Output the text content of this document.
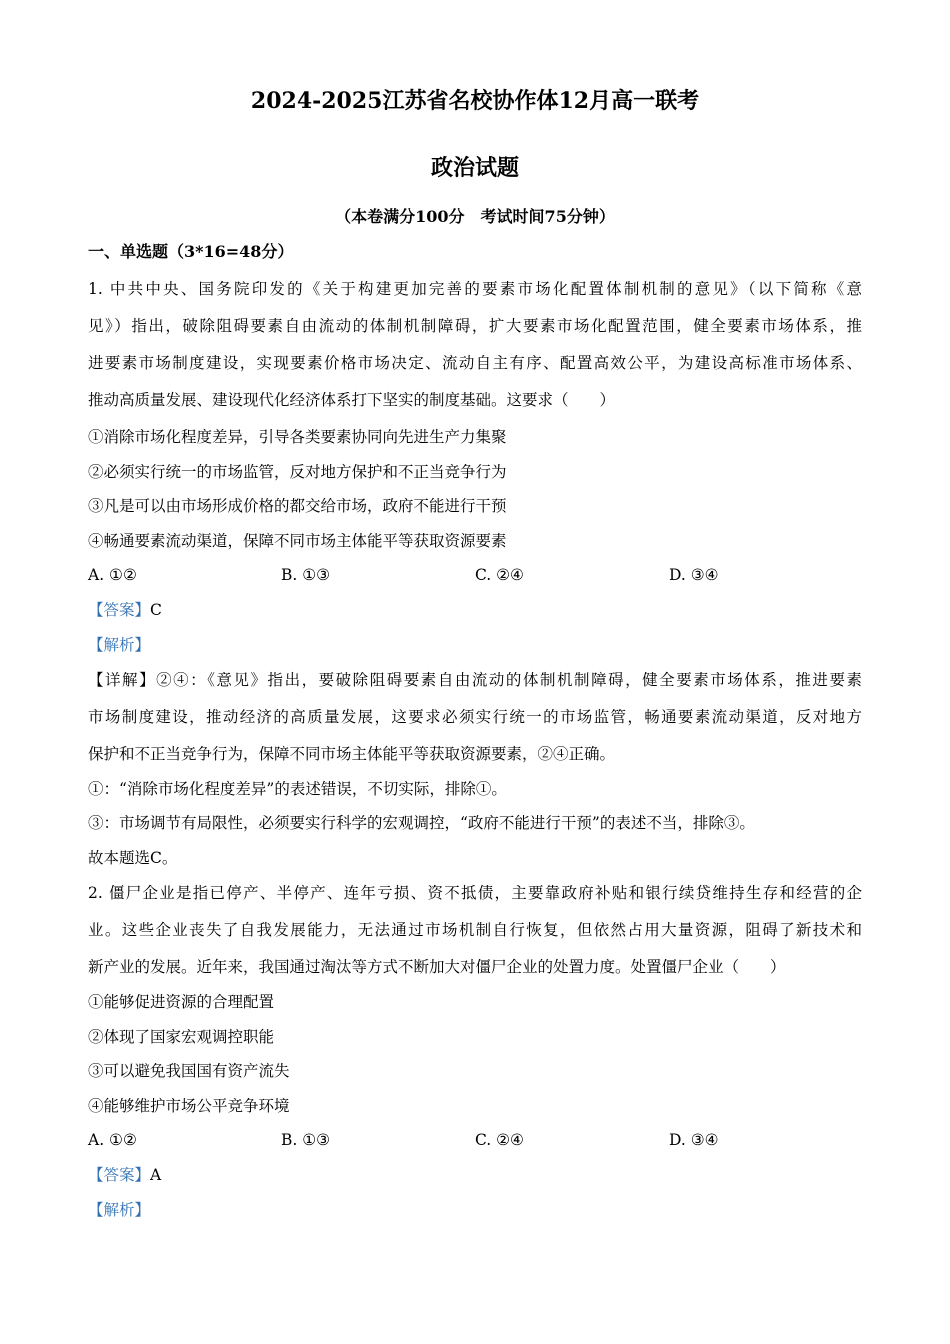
2024-2025江苏省名校协作体12月高一联考
政治试题
（本卷满分100分　考试时间75分钟）
一、单选题（3*16=48分）
1. 中共中央、国务院印发的《关于构建更加完善的要素市场化配置体制机制的意见》（以下简称《意
见》）指出，破除阻碍要素自由流动的体制机制障碍，扩大要素市场化配置范围，健全要素市场体系，推
进要素市场制度建设，实现要素价格市场决定、流动自主有序、配置高效公平，为建设高标准市场体系、
推动高质量发展、建设现代化经济体系打下坚实的制度基础。这要求（　　）
①消除市场化程度差异，引导各类要素协同向先进生产力集聚
②必须实行统一的市场监管，反对地方保护和不正当竞争行为
③凡是可以由市场形成价格的都交给市场，政府不能进行干预
④畅通要素流动渠道，保障不同市场主体能平等获取资源要素
A. ①②	B. ①③	C. ②④	D. ③④
【答案】C
【解析】
【详解】②④：《意见》指出，要破除阻碍要素自由流动的体制机制障碍，健全要素市场体系，推进要素
市场制度建设，推动经济的高质量发展，这要求必须实行统一的市场监管，畅通要素流动渠道，反对地方
保护和不正当竞争行为，保障不同市场主体能平等获取资源要素，②④正确。
①：“消除市场化程度差异”的表述错误，不切实际，排除①。
③：市场调节有局限性，必须要实行科学的宏观调控，“政府不能进行干预”的表述不当，排除③。
故本题选C。
2. 僵尸企业是指已停产、半停产、连年亏损、资不抵债，主要靠政府补贴和银行续贷维持生存和经营的企
业。这些企业丧失了自我发展能力，无法通过市场机制自行恢复，但依然占用大量资源，阻碍了新技术和
新产业的发展。近年来，我国通过淘汰等方式不断加大对僵尸企业的处置力度。处置僵尸企业（　　）
①能够促进资源的合理配置
②体现了国家宏观调控职能
③可以避免我国国有资产流失
④能够维护市场公平竞争环境
A. ①②	B. ①③	C. ②④	D. ③④
【答案】A
【解析】
